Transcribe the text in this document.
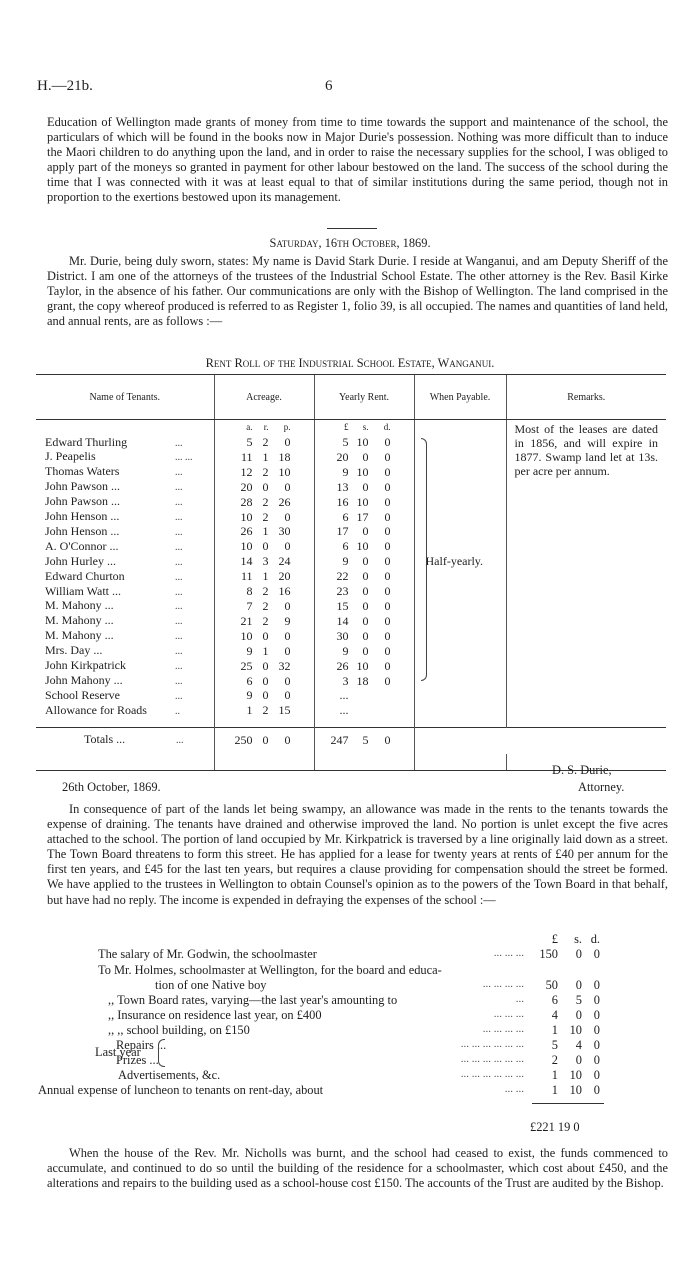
H.—21b.	6
Education of Wellington made grants of money from time to time towards the support and maintenance of the school, the particulars of which will be found in the books now in Major Durie's possession. Nothing was more difficult than to induce the Maori children to do anything upon the land, and in order to raise the necessary supplies for the school, I was obliged to apply part of the moneys so granted in payment for other labour bestowed on the land. The success of the school during the time that I was connected with it was at least equal to that of similar institutions during the same period, though not in proportion to the exertions bestowed upon its management.
Saturday, 16th October, 1869.
Mr. Durie, being duly sworn, states: My name is David Stark Durie. I reside at Wanganui, and am Deputy Sheriff of the District. I am one of the attorneys of the trustees of the Industrial School Estate. The other attorney is the Rev. Basil Kirke Taylor, in the absence of his father. Our communications are only with the Bishop of Wellington. The land comprised in the grant, the copy whereof produced is referred to as Register 1, folio 39, is all occupied. The names and quantities of land held, and annual rents, are as follows :—
Rent Roll of the Industrial School Estate, Wanganui.
Name of Tenants.	Acreage.	Yearly Rent.	When Payable.	Remarks.
	a. r. p.	£ s. d.		Most of the leases are dated in 1856, and will expire in 1877. Swamp land let at 13s. per acre per annum.
Edward Thurling ...	5 2 0	5 10 0	Half-yearly.	
J. Peapelis ... ...	11 1 18	20 0 0		
Thomas Waters ...	12 2 10	9 10 0		
John Pawson ... ...	20 0 0	13 0 0		
John Pawson ... ...	28 2 26	16 10 0		
John Henson ... ...	10 2 0	6 17 0		
John Henson ... ...	26 1 30	17 0 0		
A. O'Connor ... ...	10 0 0	6 10 0		
John Hurley ... ...	14 3 24	9 0 0		
Edward Churton ...	11 1 20	22 0 0		
William Watt ... ...	8 2 16	23 0 0		
M. Mahony ... ...	7 2 0	15 0 0		
M. Mahony ... ...	21 2 9	14 0 0		
M. Mahony ... ...	10 0 0	30 0 0		
Mrs. Day ... ...	9 1 0	9 0 0		
John Kirkpatrick ...	25 0 32	26 10 0		
John Mahony ... ...	6 0 0	3 18 0		
School Reserve ...	9 0 0	...		
Allowance for Roads ..	1 2 15	...		

Totals ... ...	250 0 0	247 5 0		

D. S. Durie,
26th October, 1869.	Attorney.
In consequence of part of the lands let being swampy, an allowance was made in the rents to the tenants towards the expense of draining. The tenants have drained and otherwise improved the land. No portion is unlet except the five acres attached to the school. The portion of land occupied by Mr. Kirkpatrick is traversed by a line originally laid down as a street. The Town Board threatens to form this street. He has applied for a lease for twenty years at rents of £40 per annum for the first ten years, and £45 for the last ten years, but requires a clause providing for compensation should the street be formed. We have applied to the trustees in Wellington to obtain Counsel's opinion as to the powers of the Town Board in that behalf, but have had no reply. The income is expended in defraying the expenses of the school :—
£	s. d.
The salary of Mr. Godwin, the schoolmaster	... ... ...	150	0 0
To Mr. Holmes, schoolmaster at Wellington, for the board and educa-
tion of one Native boy	... ... ... ...	50	0 0
,, Town Board rates, varying—the last year's amounting to	...	6	5 0
,, Insurance on residence last year, on £400	... ... ...	4	0 0
,, ,, school building, on £150	... ... ... ...	1 10 0
Repairs ...	... ... ... ... ... ...	5	4 0
Prizes ...	... ... ... ... ... ...	2	0 0
Advertisements, &c.	... ... ... ... ... ...	1 10 0
Annual expense of luncheon to tenants on rent-day, about	... ...	1 10 0
Last year
£221 19 0
When the house of the Rev. Mr. Nicholls was burnt, and the school had ceased to exist, the funds commenced to accumulate, and continued to do so until the building of the residence for a schoolmaster, which cost about £450, and the alterations and repairs to the building used as a school-house cost £150. The accounts of the Trust are audited by the Bishop.
